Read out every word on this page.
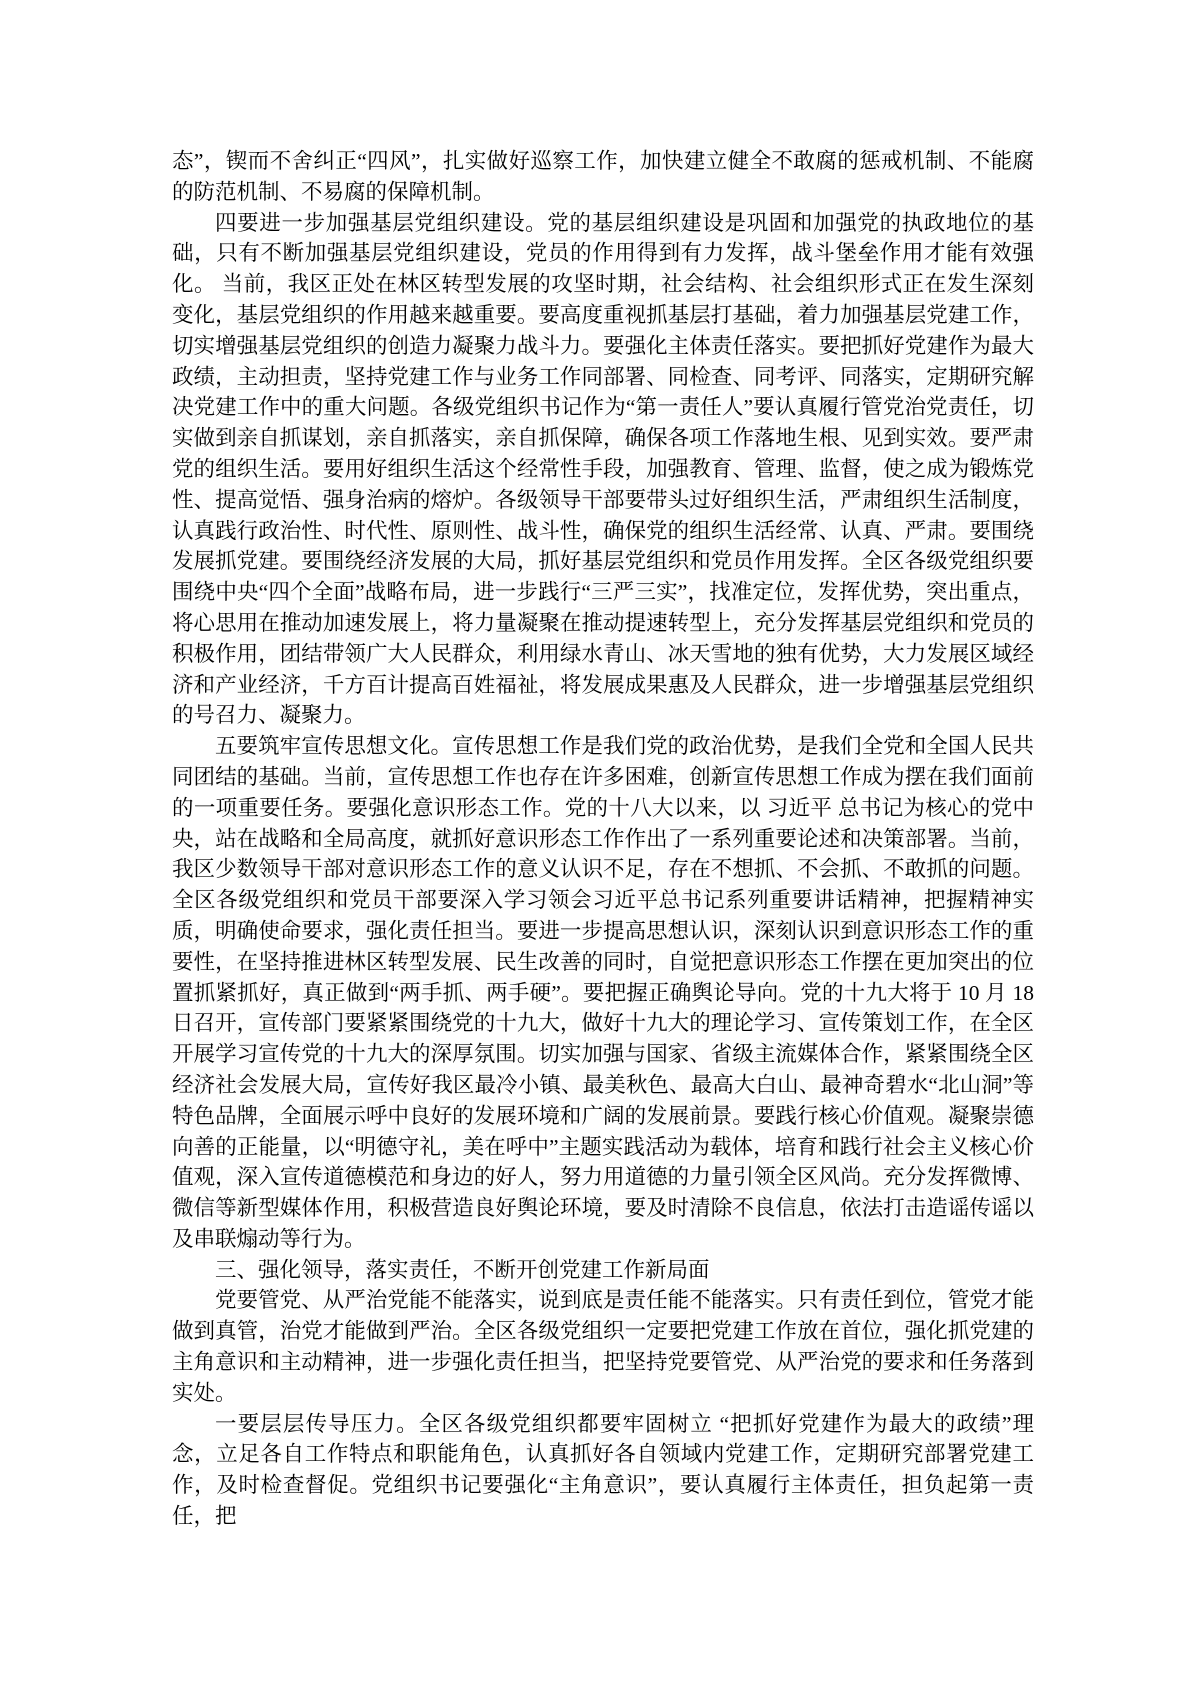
态”，锲而不舍纠正“四风”，扎实做好巡察工作，加快建立健全不敢腐的惩戒机制、不能腐的防范机制、不易腐的保障机制。

四要进一步加强基层党组织建设。党的基层组织建设是巩固和加强党的执政地位的基础，只有不断加强基层党组织建设，党员的作用得到有力发挥，战斗堡垒作用才能有效强化。 当前，我区正处在林区转型发展的攻坚时期，社会结构、社会组织形式正在发生深刻变化，基层党组织的作用越来越重要。要高度重视抓基层打基础，着力加强基层党建工作，切实增强基层党组织的创造力凝聚力战斗力。要强化主体责任落实。要把抓好党建作为最大政绩，主动担责，坚持党建工作与业务工作同部署、同检查、同考评、同落实，定期研究解决党建工作中的重大问题。各级党组织书记作为“第一责任人”要认真履行管党治党责任，切实做到亲自抓谋划，亲自抓落实，亲自抓保障，确保各项工作落地生根、见到实效。要严肃党的组织生活。要用好组织生活这个经常性手段，加强教育、管理、监督，使之成为锻炼党性、提高觉悟、强身治病的熔炉。各级领导干部要带头过好组织生活，严肃组织生活制度，认真践行政治性、时代性、原则性、战斗性，确保党的组织生活经常、认真、严肃。要围绕发展抓党建。要围绕经济发展的大局，抓好基层党组织和党员作用发挥。全区各级党组织要围绕中央“四个全面”战略布局，进一步践行“三严三实”，找准定位，发挥优势，突出重点，将心思用在推动加速发展上，将力量凝聚在推动提速转型上，充分发挥基层党组织和党员的积极作用，团结带领广大人民群众，利用绿水青山、冰天雪地的独有优势，大力发展区域经济和产业经济，千方百计提高百姓福祉，将发展成果惠及人民群众，进一步增强基层党组织的号召力、凝聚力。

五要筑牢宣传思想文化。宣传思想工作是我们党的政治优势，是我们全党和全国人民共同团结的基础。当前，宣传思想工作也存在许多困难，创新宣传思想工作成为摆在我们面前的一项重要任务。要强化意识形态工作。党的十八大以来，以 习近平 总书记为核心的党中央，站在战略和全局高度，就抓好意识形态工作作出了一系列重要论述和决策部署。当前，我区少数领导干部对意识形态工作的意义认识不足，存在不想抓、不会抓、不敢抓的问题。全区各级党组织和党员干部要深入学习领会习近平总书记系列重要讲话精神，把握精神实质，明确使命要求，强化责任担当。要进一步提高思想认识，深刻认识到意识形态工作的重要性，在坚持推进林区转型发展、民生改善的同时，自觉把意识形态工作摆在更加突出的位置抓紧抓好，真正做到“两手抓、两手硬”。要把握正确舆论导向。党的十九大将于 10 月 18 日召开，宣传部门要紧紧围绕党的十九大，做好十九大的理论学习、宣传策划工作，在全区开展学习宣传党的十九大的深厚氛围。切实加强与国家、省级主流媒体合作，紧紧围绕全区经济社会发展大局，宣传好我区最冷小镇、最美秋色、最高大白山、最神奇碧水“北山洞”等特色品牌，全面展示呼中良好的发展环境和广阔的发展前景。要践行核心价值观。凝聚崇德向善的正能量，以“明德守礼，美在呼中”主题实践活动为载体，培育和践行社会主义核心价值观，深入宣传道德模范和身边的好人，努力用道德的力量引领全区风尚。充分发挥微博、微信等新型媒体作用，积极营造良好舆论环境，要及时清除不良信息，依法打击造谣传谣以及串联煽动等行为。

三、强化领导，落实责任，不断开创党建工作新局面

党要管党、从严治党能不能落实，说到底是责任能不能落实。只有责任到位，管党才能做到真管，治党才能做到严治。全区各级党组织一定要把党建工作放在首位，强化抓党建的主角意识和主动精神，进一步强化责任担当，把坚持党要管党、从严治党的要求和任务落到实处。

一要层层传导压力。全区各级党组织都要牢固树立 “把抓好党建作为最大的政绩”理念，立足各自工作特点和职能角色，认真抓好各自领域内党建工作，定期研究部署党建工作，及时检查督促。党组织书记要强化“主角意识”，要认真履行主体责任，担负起第一责任，把
